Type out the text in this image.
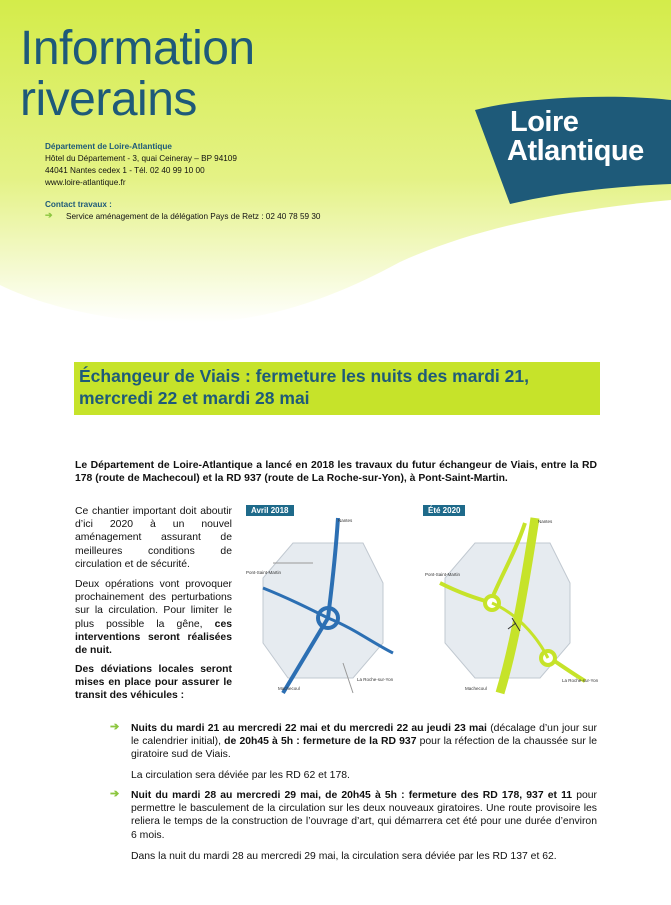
Information
riverains	Loire
Atlantique
Département de Loire-Atlantique
Hôtel du Département - 3, quai Ceineray – BP 94109
44041 Nantes cedex 1 - Tél. 02 40 99 10 00
www.loire-atlantique.fr
Contact travaux :
➔ Service aménagement de la délégation Pays de Retz : 02 40 78 59 30
Échangeur de Viais : fermeture les nuits des mardi 21, mercredi 22 et mardi 28 mai
Le Département de Loire-Atlantique a lancé en 2018 les travaux du futur échangeur de Viais, entre la RD 178 (route de Machecoul) et la RD 937 (route de La Roche-sur-Yon), à Pont-Saint-Martin.
Ce chantier important doit aboutir d’ici 2020 à un nouvel aménagement assurant de meilleures conditions de circulation et de sécurité.
Deux opérations vont provoquer prochainement des perturbations sur la circulation. Pour limiter le plus possible la gêne, ces interventions seront réalisées de nuit.
Des déviations locales seront mises en place pour assurer le transit des véhicules :
Avril 2018
Nantes
Pont-Saint-Martin
Machecoul
La Roche-sur-Yon
Été 2020
Nantes
Pont-Saint-Martin
Machecoul
La Roche-sur-Yon
➔ Nuits du mardi 21 au mercredi 22 mai et du mercredi 22 au jeudi 23 mai (décalage d’un jour sur le calendrier initial), de 20h45 à 5h : fermeture de la RD 937 pour la réfection de la chaussée sur le giratoire sud de Viais.
La circulation sera déviée par les RD 62 et 178.
➔ Nuit du mardi 28 au mercredi 29 mai, de 20h45 à 5h : fermeture des RD 178, 937 et 11 pour permettre le basculement de la circulation sur les deux nouveaux giratoires. Une route provisoire les reliera le temps de la construction de l’ouvrage d’art, qui démarrera cet été pour une durée d’environ 6 mois.
Dans la nuit du mardi 28 au mercredi 29 mai, la circulation sera déviée par les RD 137 et 62.
